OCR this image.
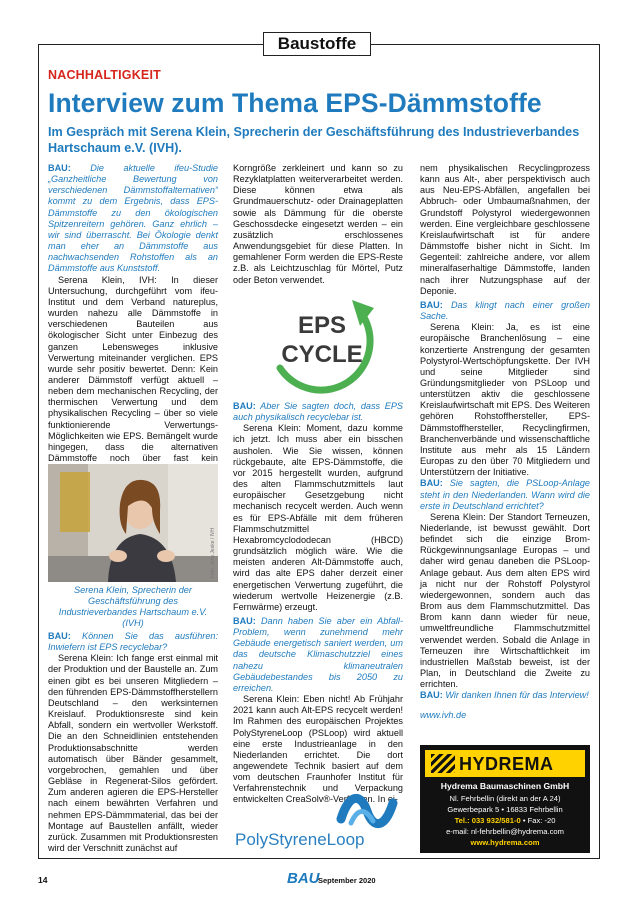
Baustoffe
NACHHALTIGKEIT
Interview zum Thema EPS-Dämmstoffe
Im Gespräch mit Serena Klein, Sprecherin der Geschäftsführung des Industrieverbandes Hartschaum e.V. (IVH).

BAU: Die aktuelle ifeu-Studie „Ganzheitliche Bewertung von verschiedenen Dämmstoffalternativen“ kommt zu dem Ergebnis, dass EPS-Dämmstoffe zu den ökologischen Spitzenreitern gehören. Ganz ehrlich – wir sind überrascht. Bei Ökologie denkt man eher an Dämmstoffe aus nachwachsenden Rohstoffen als an Dämmstoffe aus Kunststoff.

Serena Klein, IVH: In dieser Untersuchung, durchgeführt vom ifeu-Institut und dem Verband natureplus, wurden nahezu alle Dämmstoffe in verschiedenen Bauteilen aus ökologischer Sicht unter Einbezug des ganzen Lebensweges inklusive Verwertung miteinander verglichen. EPS wurde sehr positiv bewertet. Denn: Kein anderer Dämmstoff verfügt aktuell – neben dem mechanischen Recycling, der thermischen Verwertung und dem physikalischen Recycling – über so viele funktionierende Verwertungs-Möglichkeiten wie EPS. Bemängelt wurde hingegen, dass die alternativen Dämmstoffe noch über fast kein

Foto: Jens Jeske / IVH
Serena Klein, Sprecherin der Geschäftsführung des Industrieverbandes Hartschaum e.V. (IVH)

BAU: Können Sie das ausführen: Inwiefern ist EPS recyclebar?

Serena Klein: Ich fange erst einmal mit der Produktion und der Baustelle an. Zum einen gibt es bei unseren Mitgliedern – den führenden EPS-Dämmstoffherstellern Deutschland – den werksinternen Kreislauf. Produktionsreste sind kein Abfall, sondern ein wertvoller Werkstoff. Die an den Schneidlinien entstehenden Produktionsabschnitte werden automatisch über Bänder gesammelt, vorgebrochen, gemahlen und über Gebläse in Regenerat-Silos gefördert. Zum anderen agieren die EPS-Hersteller nach einem bewährten Verfahren und nehmen EPS-Dämmmaterial, das bei der Montage auf Baustellen anfällt, wieder zurück. Zusammen mit Produktionsresten wird der Verschnitt zunächst auf

Korngröße zerkleinert und kann so zu Rezyklatplatten weiterverarbeitet werden. Diese können etwa als Grundmauerschutz- oder Drainageplatten sowie als Dämmung für die oberste Geschossdecke eingesetzt werden – ein zusätzlich erschlossenes Anwendungsgebiet für diese Platten. In gemahlener Form werden die EPS-Reste z.B. als Leichtzuschlag für Mörtel, Putz oder Beton verwendet.

EPS
CYCLE

BAU: Aber Sie sagten doch, dass EPS auch physikalisch recyclebar ist.

Serena Klein: Moment, dazu komme ich jetzt. Ich muss aber ein bisschen ausholen. Wie Sie wissen, können rückgebaute, alte EPS-Dämmstoffe, die vor 2015 hergestellt wurden, aufgrund des alten Flammschutzmittels laut europäischer Gesetzgebung nicht mechanisch recycelt werden. Auch wenn es für EPS-Abfälle mit dem früheren Flammschutzmittel Hexabromcyclododecan (HBCD) grundsätzlich möglich wäre. Wie die meisten anderen Alt-Dämmstoffe auch, wird das alte EPS daher derzeit einer energetischen Verwertung zugeführt, die wiederum wertvolle Heizenergie (z.B. Fernwärme) erzeugt.

BAU: Dann haben Sie aber ein Abfall-Problem, wenn zunehmend mehr Gebäude energetisch saniert werden, um das deutsche Klimaschutzziel eines nahezu klimaneutralen Gebäudebestandes bis 2050 zu erreichen.

Serena Klein: Eben nicht! Ab Frühjahr 2021 kann auch Alt-EPS recycelt werden! Im Rahmen des europäischen Projektes PolyStyreneLoop (PSLoop) wird aktuell eine erste Industrieanlage in den Niederlanden errichtet. Die dort angewendete Technik basiert auf dem vom deutschen Fraunhofer Institut für Verfahrenstechnik und Verpackung entwickelten CreaSolv®-Verfahren. In ei-

PolyStyreneLoop

nem physikalischen Recyclingprozess kann aus Alt-, aber perspektivisch auch aus Neu-EPS-Abfällen, angefallen bei Abbruch- oder Umbaumaßnahmen, der Grundstoff Polystyrol wiedergewonnen werden. Eine vergleichbare geschlossene Kreislaufwirtschaft ist für andere Dämmstoffe bisher nicht in Sicht. Im Gegenteil: zahlreiche andere, vor allem mineralfaserhaltige Dämmstoffe, landen nach ihrer Nutzungsphase auf der Deponie.

BAU: Das klingt nach einer großen Sache.

Serena Klein: Ja, es ist eine europäische Branchenlösung – eine konzertierte Anstrengung der gesamten Polystyrol-Wertschöpfungskette. Der IVH und seine Mitglieder sind Gründungsmitglieder von PSLoop und unterstützen aktiv die geschlossene Kreislaufwirtschaft mit EPS. Des Weiteren gehören Rohstoffhersteller, EPS-Dämmstoffhersteller, Recyclingfirmen, Branchenverbände und wissenschaftliche Institute aus mehr als 15 Ländern Europas zu den über 70 Mitgliedern und Unterstützern der Initiative.

BAU: Sie sagten, die PSLoop-Anlage steht in den Niederlanden. Wann wird die erste in Deutschland errichtet?

Serena Klein: Der Standort Terneuzen, Niederlande, ist bewusst gewählt. Dort befindet sich die einzige Brom-Rückgewinnungsanlage Europas – und daher wird genau daneben die PSLoop-Anlage gebaut. Aus dem alten EPS wird ja nicht nur der Rohstoff Polystyrol wiedergewonnen, sondern auch das Brom aus dem Flammschutzmittel. Das Brom kann dann wieder für neue, umweltfreundliche Flammschutzmittel verwendet werden. Sobald die Anlage in Terneuzen ihre Wirtschaftlichkeit im industriellen Maßstab beweist, ist der Plan, in Deutschland die Zweite zu errichten.

BAU: Wir danken Ihnen für das Interview!

www.ivh.de

HYDREMA
Hydrema Baumaschinen GmbH
Nl. Fehrbellin (direkt an der A 24)
Gewerbepark 5 • 16833 Fehrbellin
Tel.: 033 932/581-0 • Fax: -20
e-mail: nl-fehrbellin@hydrema.com
www.hydrema.com
14	BAU
September 2020
